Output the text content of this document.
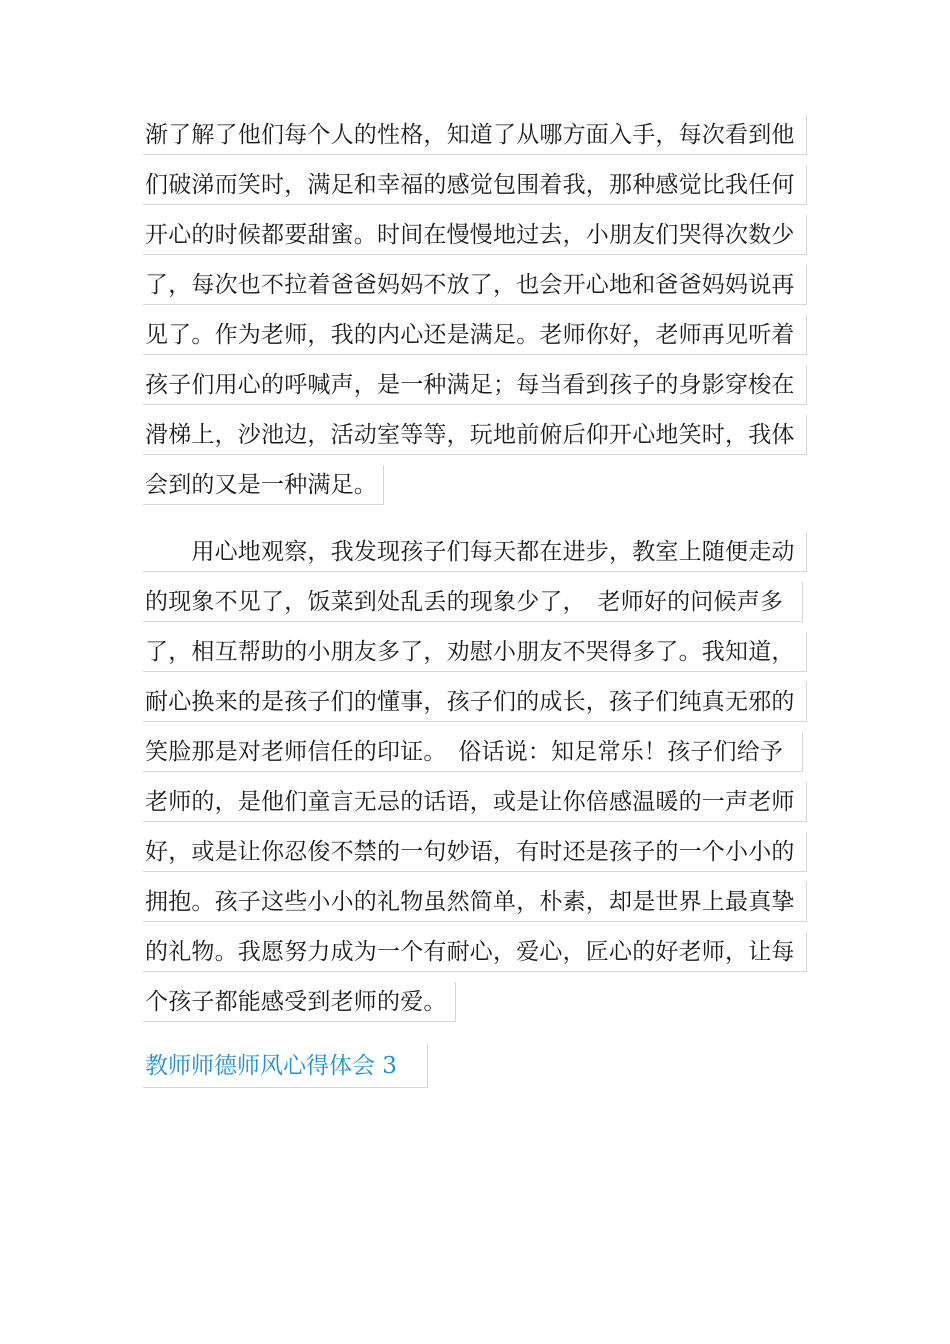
渐了解了他们每个人的性格，知道了从哪方面入手，每次看到他
们破涕而笑时，满足和幸福的感觉包围着我，那种感觉比我任何
开心的时候都要甜蜜。时间在慢慢地过去，小朋友们哭得次数少
了，每次也不拉着爸爸妈妈不放了，也会开心地和爸爸妈妈说再
见了。作为老师，我的内心还是满足。老师你好，老师再见听着
孩子们用心的呼喊声，是一种满足；每当看到孩子的身影穿梭在
滑梯上，沙池边，活动室等等，玩地前俯后仰开心地笑时，我体
会到的又是一种满足。
　　用心地观察，我发现孩子们每天都在进步，教室上随便走动
的现象不见了，饭菜到处乱丢的现象少了，　老师好的问候声多
了，相互帮助的小朋友多了，劝慰小朋友不哭得多了。我知道，
耐心换来的是孩子们的懂事，孩子们的成长，孩子们纯真无邪的
笑脸那是对老师信任的印证。　俗话说：知足常乐！孩子们给予
老师的，是他们童言无忌的话语，或是让你倍感温暖的一声老师
好，或是让你忍俊不禁的一句妙语，有时还是孩子的一个小小的
拥抱。孩子这些小小的礼物虽然简单，朴素，却是世界上最真挚
的礼物。我愿努力成为一个有耐心，爱心，匠心的好老师，让每
个孩子都能感受到老师的爱。
教师师德师风心得体会 3
